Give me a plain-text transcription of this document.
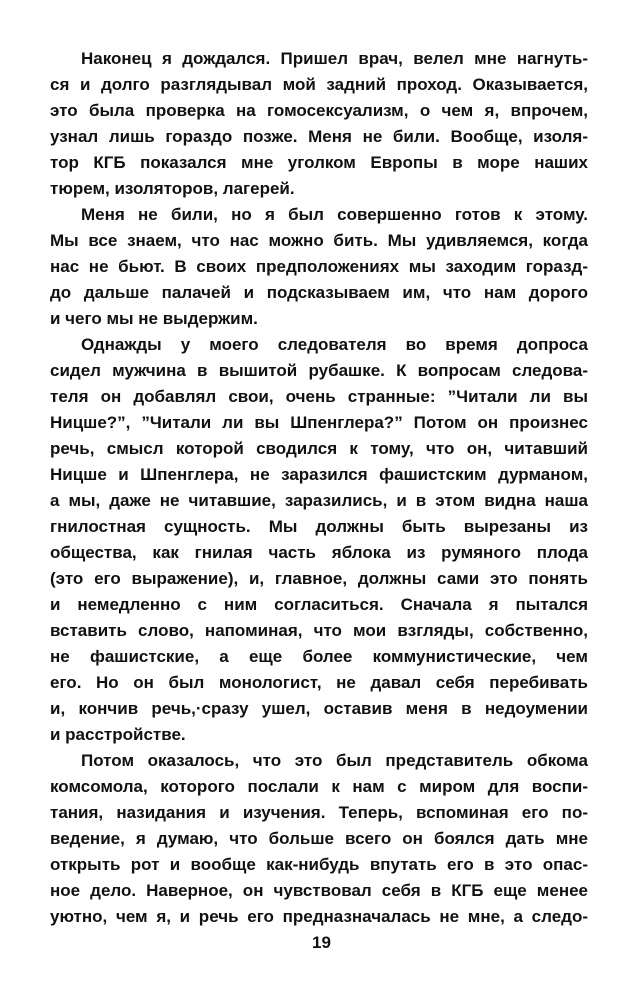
Наконец я дождался. Пришел врач, велел мне нагнуть-
ся и долго разглядывал мой задний проход. Оказывается,
это была проверка на гомосексуализм, о чем я, впрочем,
узнал лишь гораздо позже. Меня не били. Вообще, изоля-
тор КГБ показался мне уголком Европы в море наших
тюрем, изоляторов, лагерей.
Меня не били, но я был совершенно готов к этому.
Мы все знаем, что нас можно бить. Мы удивляемся, когда
нас не бьют. В своих предположениях мы заходим горазд-
до дальше палачей и подсказываем им, что нам дорого
и чего мы не выдержим.
Однажды у моего следователя во время допроса
сидел мужчина в вышитой рубашке. К вопросам следова-
теля он добавлял свои, очень странные: ”Читали ли вы
Ницше?”, ”Читали ли вы Шпенглера?” Потом он произнес
речь, смысл которой сводился к тому, что он, читавший
Ницше и Шпенглера, не заразился фашистским дурманом,
а мы, даже не читавшие, заразились, и в этом видна наша
гнилостная сущность. Мы должны быть вырезаны из
общества, как гнилая часть яблока из румяного плода
(это его выражение), и, главное, должны сами это понять
и немедленно с ним согласиться. Сначала я пытался
вставить слово, напоминая, что мои взгляды, собственно,
не фашистские, а еще более коммунистические, чем
его. Но он был монологист, не давал себя перебивать
и, кончив речь,·сразу ушел, оставив меня в недоумении
и расстройстве.
Потом оказалось, что это был представитель обкома
комсомола, которого послали к нам с миром для воспи-
тания, назидания и изучения. Теперь, вспоминая его по-
ведение, я думаю, что больше всего он боялся дать мне
открыть рот и вообще как-нибудь впутать его в это опас-
ное дело. Наверное, он чувствовал себя в КГБ еще менее
уютно, чем я, и речь его предназначалась не мне, а следо-
19
